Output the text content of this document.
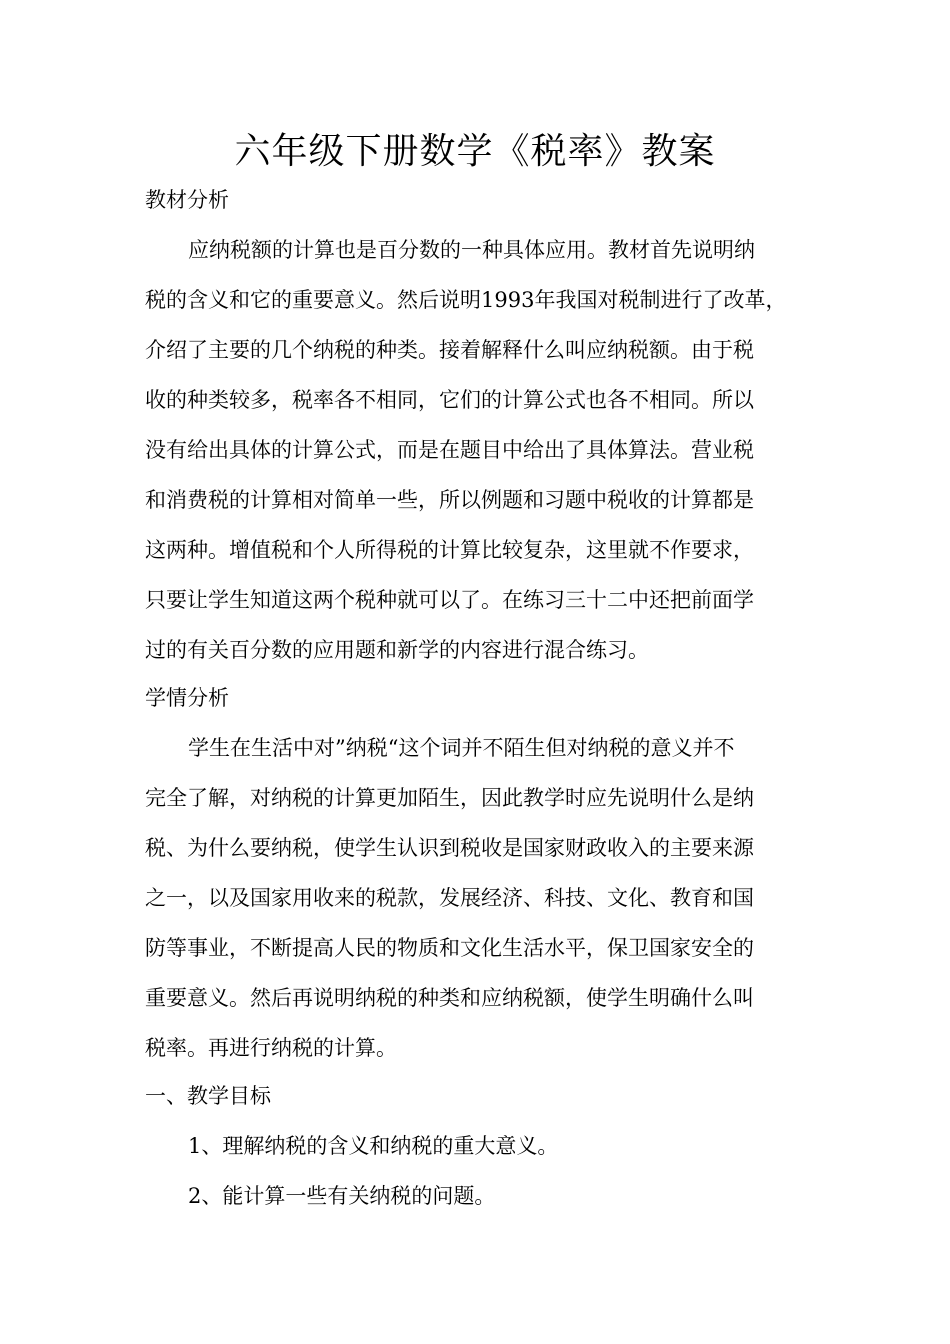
六年级下册数学《税率》教案
教材分析

应纳税额的计算也是百分数的一种具体应用。教材首先说明纳

税的含义和它的重要意义。然后说明1993年我国对税制进行了改革，

介绍了主要的几个纳税的种类。接着解释什么叫应纳税额。由于税

收的种类较多，税率各不相同，它们的计算公式也各不相同。所以

没有给出具体的计算公式，而是在题目中给出了具体算法。营业税

和消费税的计算相对简单一些，所以例题和习题中税收的计算都是

这两种。增值税和个人所得税的计算比较复杂，这里就不作要求，

只要让学生知道这两个税种就可以了。在练习三十二中还把前面学

过的有关百分数的应用题和新学的内容进行混合练习。

学情分析

学生在生活中对”纳税“这个词并不陌生但对纳税的意义并不

完全了解，对纳税的计算更加陌生，因此教学时应先说明什么是纳

税、为什么要纳税，使学生认识到税收是国家财政收入的主要来源

之一，以及国家用收来的税款，发展经济、科技、文化、教育和国

防等事业，不断提高人民的物质和文化生活水平，保卫国家安全的

重要意义。然后再说明纳税的种类和应纳税额，使学生明确什么叫

税率。再进行纳税的计算。

一、教学目标

1、理解纳税的含义和纳税的重大意义。

2、能计算一些有关纳税的问题。
